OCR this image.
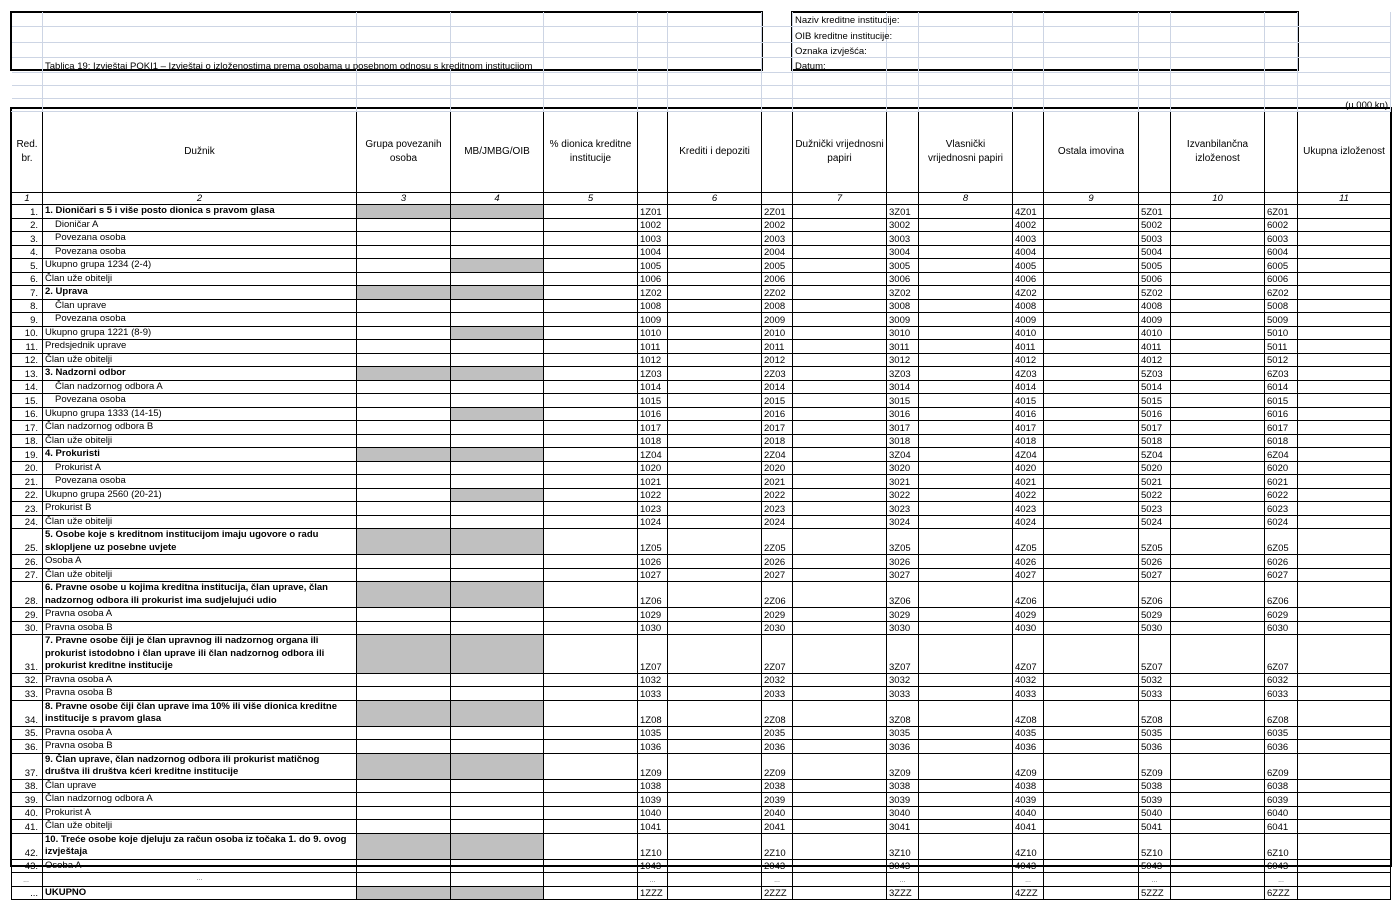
								Naziv kreditne institucije:								
								OIB kreditne institucije:								
								Oznaka izvješća:								
	Tablica 19: Izvještaj POKI1 – Izvještaj o izloženostima prema osobama u posebnom odnosu s kreditnom institucijom							Datum:								

																(u 000 kn)
Red. br.	Dužnik	Grupa povezanih osoba	MB/JMBG/OIB	% dionica kreditne institucije		Krediti i depoziti		Dužnički vrijednosni papiri		Vlasnički vrijednosni papiri		Ostala imovina		Izvanbilančna izloženost		Ukupna izloženost
1	2	3	4	5		6		7		8		9		10		11
1.	1. Dioničari s 5 i više posto dionica s pravom glasa				1Z01		2Z01		3Z01		4Z01		5Z01		6Z01	
2.	Dioničar A				1002		2002		3002		4002		5002		6002	
3.	Povezana osoba				1003		2003		3003		4003		5003		6003	
4.	Povezana osoba				1004		2004		3004		4004		5004		6004	
5.	Ukupno grupa 1234 (2-4)				1005		2005		3005		4005		5005		6005	
6.	Član uže obitelji				1006		2006		3006		4006		5006		6006	
7.	2. Uprava				1Z02		2Z02		3Z02		4Z02		5Z02		6Z02	
8.	Član uprave				1008		2008		3008		4008		4008		5008	
9.	Povezana osoba				1009		2009		3009		4009		4009		5009	
10.	Ukupno grupa 1221 (8-9)				1010		2010		3010		4010		4010		5010	
11.	Predsjednik uprave				1011		2011		3011		4011		4011		5011	
12.	Član uže obitelji				1012		2012		3012		4012		4012		5012	
13.	3. Nadzorni odbor				1Z03		2Z03		3Z03		4Z03		5Z03		6Z03	
14.	Član nadzornog odbora A				1014		2014		3014		4014		5014		6014	
15.	Povezana osoba				1015		2015		3015		4015		5015		6015	
16.	Ukupno grupa 1333 (14-15)				1016		2016		3016		4016		5016		6016	
17.	Član nadzornog odbora B				1017		2017		3017		4017		5017		6017	
18.	Član uže obitelji				1018		2018		3018		4018		5018		6018	
19.	4. Prokuristi				1Z04		2Z04		3Z04		4Z04		5Z04		6Z04	
20.	Prokurist A				1020		2020		3020		4020		5020		6020	
21.	Povezana osoba				1021		2021		3021		4021		5021		6021	
22.	Ukupno grupa 2560 (20-21)				1022		2022		3022		4022		5022		6022	
23.	Prokurist B				1023		2023		3023		4023		5023		6023	
24.	Član uže obitelji				1024		2024		3024		4024		5024		6024	
25.	5. Osobe koje s kreditnom institucijom imaju ugovore o radu sklopljene uz posebne uvjete				1Z05		2Z05		3Z05		4Z05		5Z05		6Z05	
26.	Osoba A				1026		2026		3026		4026		5026		6026	
27.	Član uže obitelji				1027		2027		3027		4027		5027		6027	
28.	6. Pravne osobe u kojima kreditna institucija, član uprave, član nadzornog odbora ili prokurist ima sudjelujući udio				1Z06		2Z06		3Z06		4Z06		5Z06		6Z06	
29.	Pravna osoba A				1029		2029		3029		4029		5029		6029	
30.	Pravna osoba B				1030		2030		3030		4030		5030		6030	
31.	7. Pravne osobe čiji je član upravnog ili nadzornog organa ili prokurist istodobno i član uprave ili član nadzornog odbora ili prokurist kreditne institucije				1Z07		2Z07		3Z07		4Z07		5Z07		6Z07	
32.	Pravna osoba A				1032		2032		3032		4032		5032		6032	
33.	Pravna osoba B				1033		2033		3033		4033		5033		6033	
34.	8. Pravne osobe čiji član uprave ima 10% ili više dionica kreditne institucije s pravom glasa				1Z08		2Z08		3Z08		4Z08		5Z08		6Z08	
35.	Pravna osoba A				1035		2035		3035		4035		5035		6035	
36.	Pravna osoba B				1036		2036		3036		4036		5036		6036	
37.	9. Član uprave, član nadzornog odbora ili prokurist matičnog društva ili društva kćeri kreditne institucije				1Z09		2Z09		3Z09		4Z09		5Z09		6Z09	
38.	Član uprave				1038		2038		3038		4038		5038		6038	
39.	Član nadzornog odbora A				1039		2039		3039		4039		5039		6039	
40.	Prokurist A				1040		2040		3040		4040		5040		6040	
41.	Član uže obitelji				1041		2041		3041		4041		5041		6041	
42.	10. Treće osobe koje djeluju za račun osoba iz točaka 1. do 9. ovog izvještaja				1Z10		2Z10		3Z10		4Z10		5Z10		6Z10	
43.	Osoba A				1043		2043		3043		4043		5043		6043	
...	...				...		...		...		...		...		...	
...	UKUPNO				1ZZZ		2ZZZ		3ZZZ		4ZZZ		5ZZZ		6ZZZ	
